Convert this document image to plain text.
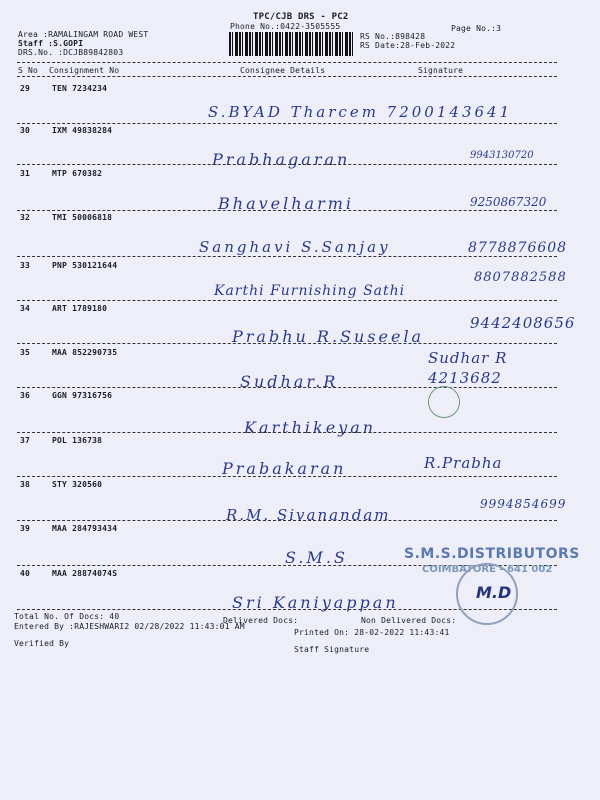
TPC/CJB DRS - PC2
Phone No.:0422-3505555	Page No.:3
Area :RAMALINGAM ROAD WEST
Staff :S.GOPI
DRS.No. :DCJB89842803
RS No.:898428
RS Date:28-Feb-2022
S No Consignment No	Consignee Details	Signature
29	TEN 7234234
S.BYAD Tharcem 7200143641
30	IXM 49838284
Prabhagaran	9943130720
31	MTP 670382
Bhavelharmi	9250867320
32	TMI 50006818
Sanghavi S.Sanjay	8778876608
33	PNP 530121644
Karthi Furnishing Sathi
8807882588
34	ART 1789180
Prabhu R.Suseela
9442408656
35	MAA 852290735
Sudhar.R
Sudhar R 4213682
36	GGN 97316756
Karthikeyan
37	POL 136738
Prabakaran	R.Prabha
38	STY 320560
R.M. Sivanandam
9994854699
39	MAA 284793434
S.M.S
40	MAA 28874074S
Sri Kaniyappan
S.M.S.DISTRIBUTORS
COIMBATORE - 641 002
M.D
Total No. Of Docs: 40	Delivered Docs:	Non Delivered Docs:
Entered By :RAJESHWARI2 02/28/2022 11:43:01 AM
Printed On: 28-02-2022 11:43:41
Verified By
Staff Signature
